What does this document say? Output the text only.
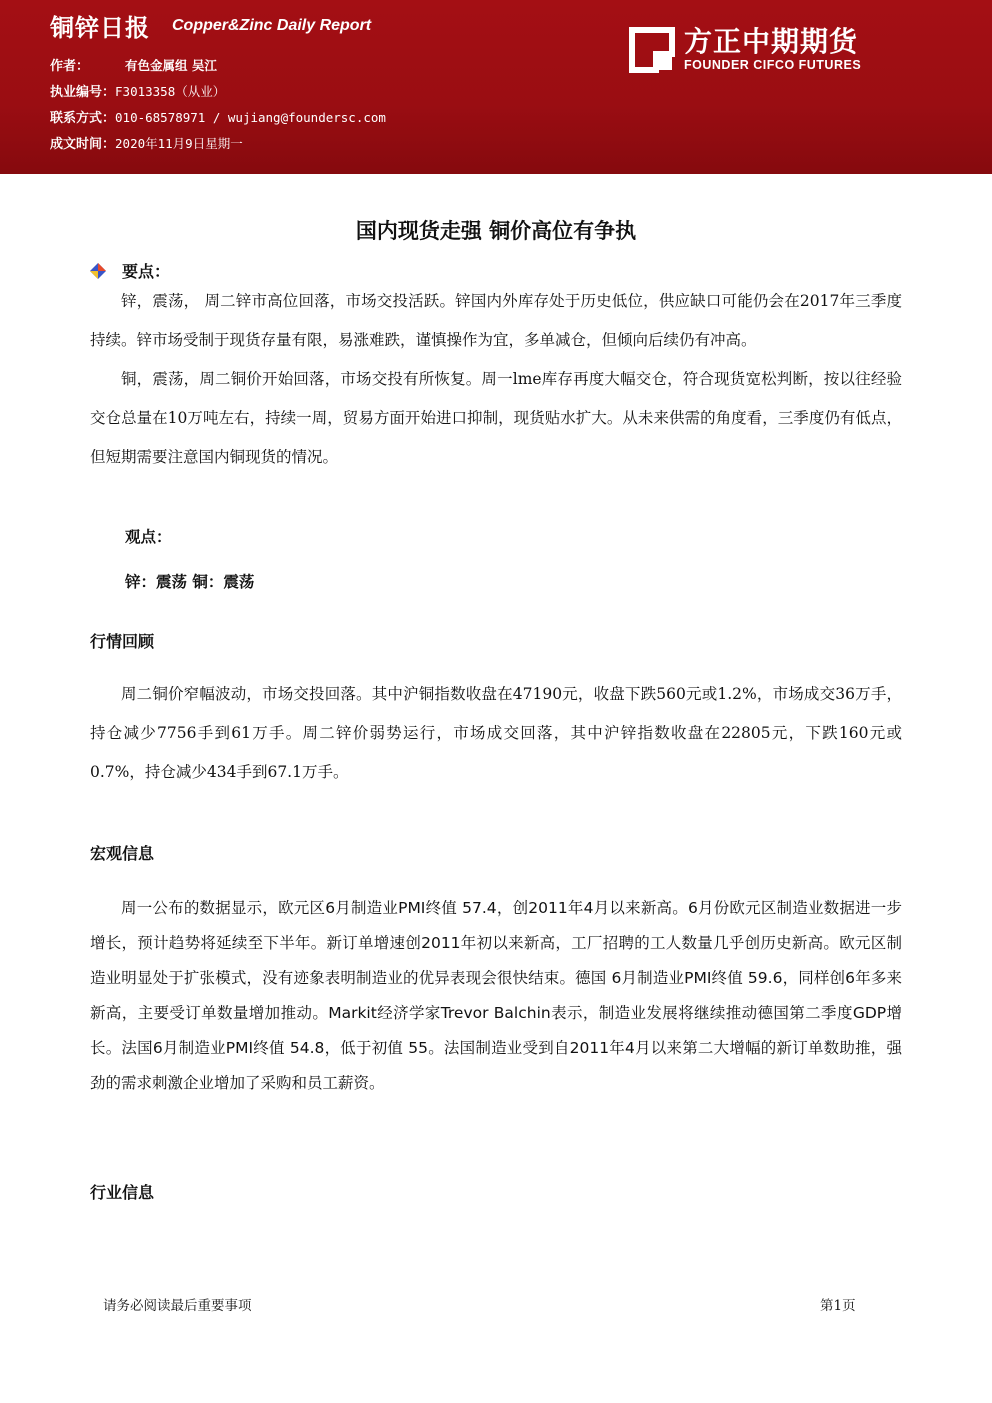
铜锌日报 Copper&Zinc Daily Report
作者：	有色金属组 吴江
执业编号：F3013358（从业）
联系方式：010-68578971 / wujiang@foundersc.com
成文时间：2020年11月9日星期一
方正中期期货
FOUNDER CIFCO FUTURES
国内现货走强 铜价高位有争执
要点：

锌，震荡， 周二锌市高位回落，市场交投活跃。锌国内外库存处于历史低位，供应缺口可能仍会在2017年三季度持续。锌市场受制于现货存量有限，易涨难跌，谨慎操作为宜，多单减仓，但倾向后续仍有冲高。

铜，震荡，周二铜价开始回落，市场交投有所恢复。周一lme库存再度大幅交仓，符合现货宽松判断，按以往经验交仓总量在10万吨左右，持续一周，贸易方面开始进口抑制，现货贴水扩大。从未来供需的角度看，三季度仍有低点，但短期需要注意国内铜现货的情况。

观点：
锌：震荡 铜：震荡
行情回顾

周二铜价窄幅波动，市场交投回落。其中沪铜指数收盘在47190元，收盘下跌560元或1.2%，市场成交36万手，持仓减少7756手到61万手。周二锌价弱势运行，市场成交回落，其中沪锌指数收盘在22805元，下跌160元或0.7%，持仓减少434手到67.1万手。

宏观信息

周一公布的数据显示，欧元区6月制造业PMI终值 57.4，创2011年4月以来新高。6月份欧元区制造业数据进一步增长，预计趋势将延续至下半年。新订单增速创2011年初以来新高，工厂招聘的工人数量几乎创历史新高。欧元区制造业明显处于扩张模式，没有迹象表明制造业的优异表现会很快结束。德国 6月制造业PMI终值 59.6，同样创6年多来新高，主要受订单数量增加推动。Markit经济学家Trevor Balchin表示，制造业发展将继续推动德国第二季度GDP增长。法国6月制造业PMI终值 54.8，低于初值 55。法国制造业受到自2011年4月以来第二大增幅的新订单数助推，强劲的需求刺激企业增加了采购和员工薪资。

行业信息
请务必阅读最后重要事项	第1页
